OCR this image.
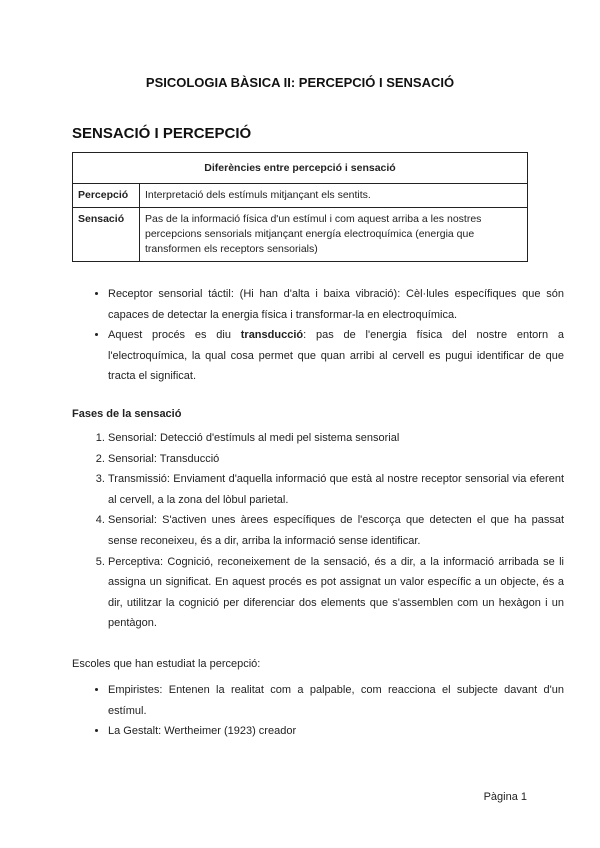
PSICOLOGIA BÀSICA II: PERCEPCIÓ I SENSACIÓ
SENSACIÓ I PERCEPCIÓ
Diferències entre percepció i sensació	
Percepció	Interpretació dels estímuls mitjançant els sentits.
Sensació	Pas de la informació física d'un estímul i com aquest arriba a les nostres percepcions sensorials mitjançant energía electroquímica (energia que transformen els receptors sensorials)
• Receptor sensorial táctil: (Hi han d'alta i baixa vibració): Cèl·lules específiques que són capaces de detectar la energia física i transformar-la en electroquímica.
• Aquest procés es diu transducció: pas de l'energia física del nostre entorn a l'electroquímica, la qual cosa permet que quan arribi al cervell es pugui identificar de que tracta el significat.
Fases de la sensació
1. Sensorial: Detecció d'estímuls al medi pel sistema sensorial
2. Sensorial: Transducció
3. Transmissió: Enviament d'aquella informació que està al nostre receptor sensorial via eferent al cervell, a la zona del lòbul parietal.
4. Sensorial: S'activen unes àrees específiques de l'escorça que detecten el que ha passat sense reconeixeu, és a dir, arriba la informació sense identificar.
5. Perceptiva: Cognició, reconeixement de la sensació, és a dir, a la informació arribada se li assigna un significat. En aquest procés es pot assignat un valor específic a un objecte, és a dir, utilitzar la cognició per diferenciar dos elements que s'assemblen com un hexàgon i un pentàgon.
Escoles que han estudiat la percepció:
• Empiristes: Entenen la realitat com a palpable, com reacciona el subjecte davant d'un estímul.
• La Gestalt: Wertheimer (1923) creador
Pàgina 1
